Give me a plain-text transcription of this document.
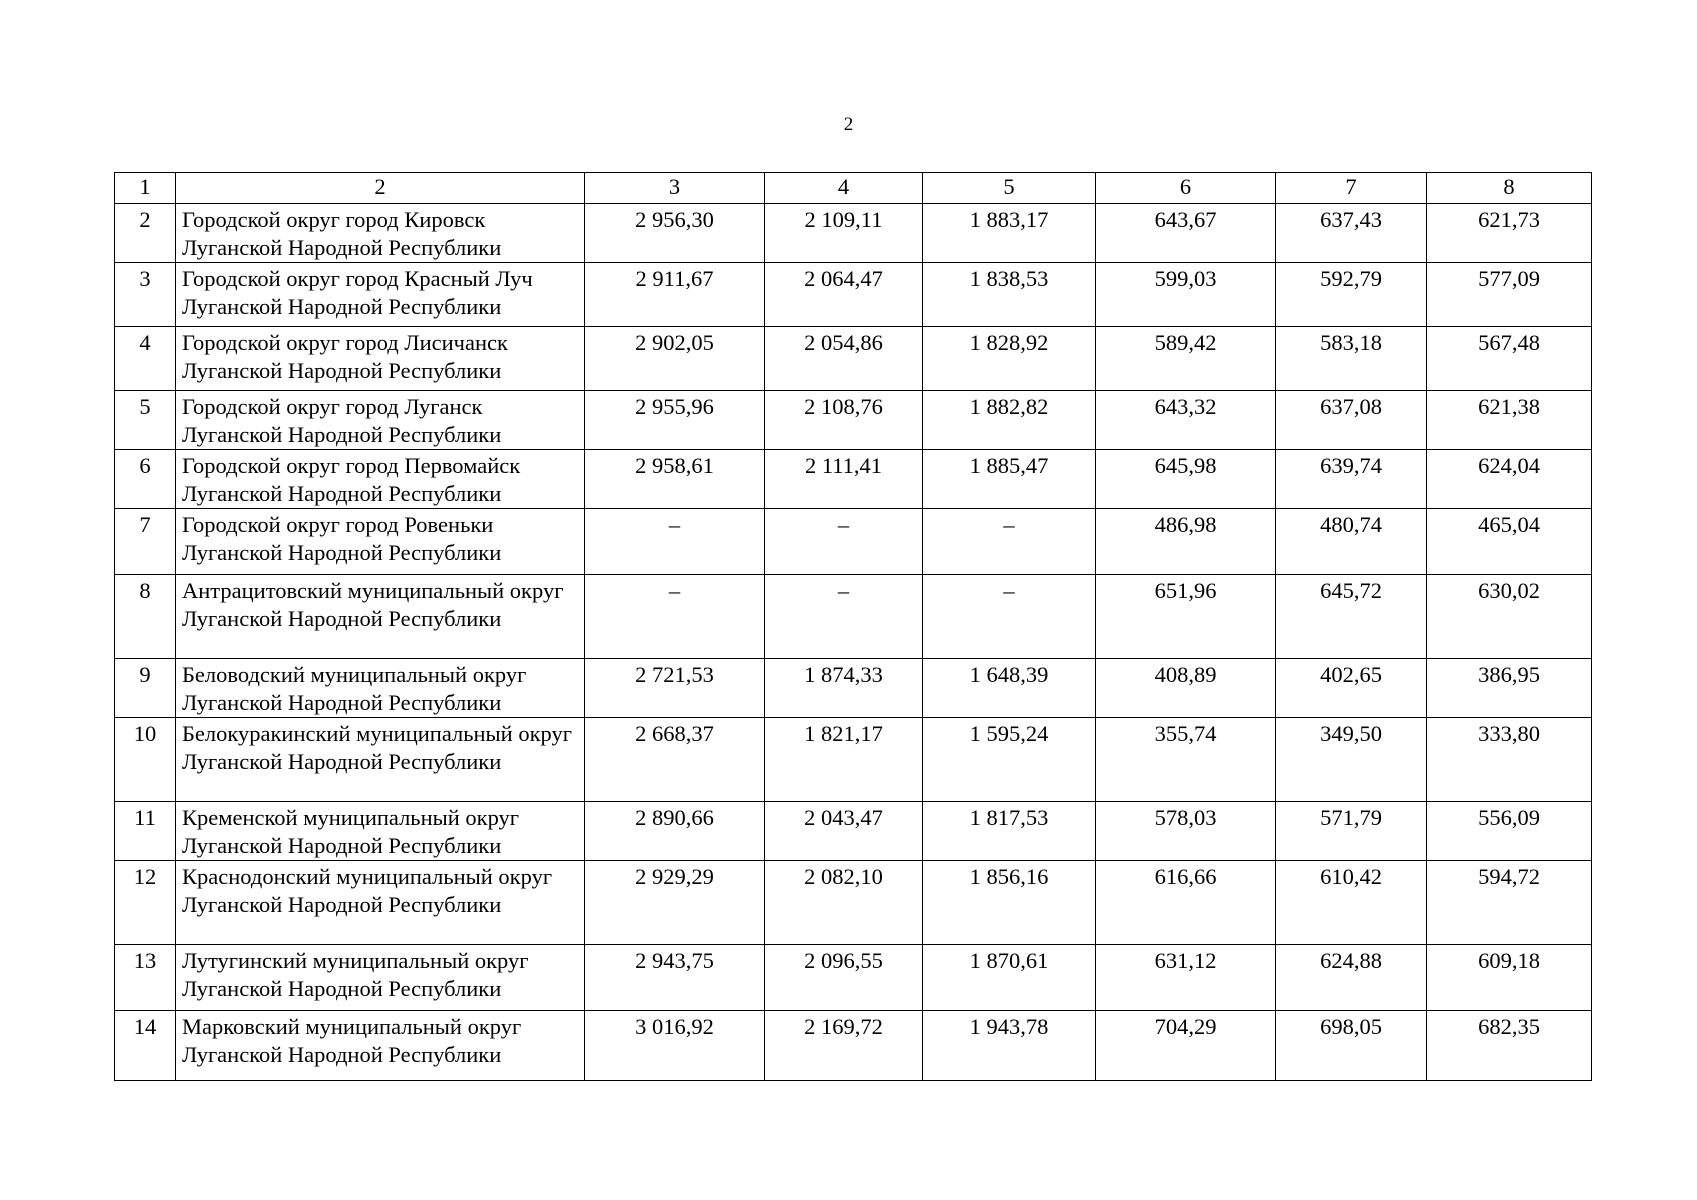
2
1	2	3	4	5	6	7	8
2	Городской округ город Кировск Луганской Народной Республики	2 956,30	2 109,11	1 883,17	643,67	637,43	621,73
3	Городской округ город Красный Луч Луганской Народной Республики	2 911,67	2 064,47	1 838,53	599,03	592,79	577,09
4	Городской округ город Лисичанск Луганской Народной Республики	2 902,05	2 054,86	1 828,92	589,42	583,18	567,48
5	Городской округ город Луганск Луганской Народной Республики	2 955,96	2 108,76	1 882,82	643,32	637,08	621,38
6	Городской округ город Первомайск Луганской Народной Республики	2 958,61	2 111,41	1 885,47	645,98	639,74	624,04
7	Городской округ город Ровеньки Луганской Народной Республики	–	–	–	486,98	480,74	465,04
8	Антрацитовский муниципальный округ Луганской Народной Республики	–	–	–	651,96	645,72	630,02
9	Беловодский муниципальный округ Луганской Народной Республики	2 721,53	1 874,33	1 648,39	408,89	402,65	386,95
10	Белокуракинский муниципальный округ Луганской Народной Республики	2 668,37	1 821,17	1 595,24	355,74	349,50	333,80
11	Кременской муниципальный округ Луганской Народной Республики	2 890,66	2 043,47	1 817,53	578,03	571,79	556,09
12	Краснодонский муниципальный округ Луганской Народной Республики	2 929,29	2 082,10	1 856,16	616,66	610,42	594,72
13	Лутугинский муниципальный округ Луганской Народной Республики	2 943,75	2 096,55	1 870,61	631,12	624,88	609,18
14	Марковский муниципальный округ Луганской Народной Республики	3 016,92	2 169,72	1 943,78	704,29	698,05	682,35
